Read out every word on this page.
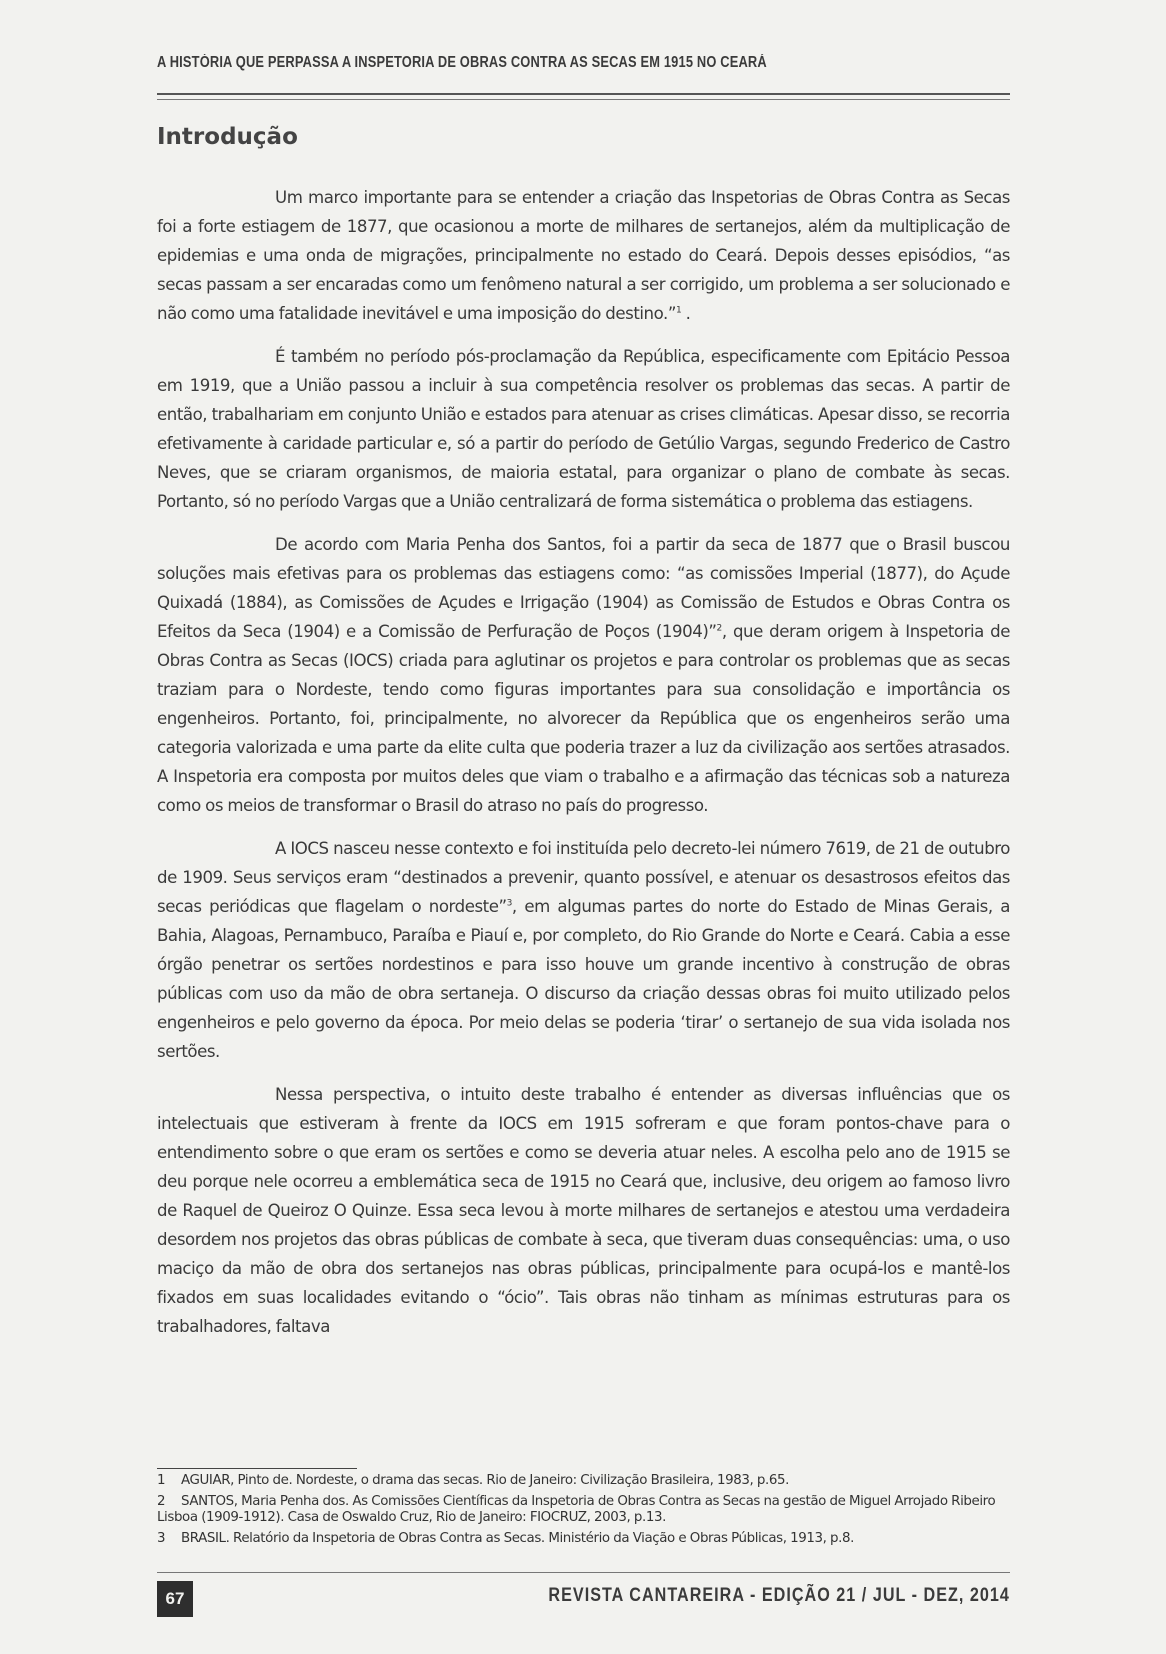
A HISTÓRIA QUE PERPASSA A INSPETORIA DE OBRAS CONTRA AS SECAS EM 1915 NO CEARÁ
Introdução

Um marco importante para se entender a criação das Inspetorias de Obras Contra as Secas foi a forte estiagem de 1877, que ocasionou a morte de milhares de sertanejos, além da multiplicação de epidemias e uma onda de migrações, principalmente no estado do Ceará. Depois desses episódios, “as secas passam a ser encaradas como um fenômeno natural a ser corrigido, um problema a ser solucionado e não como uma fatalidade inevitável e uma imposição do destino.”$^1$ .

É também no período pós-proclamação da República, especificamente com Epitácio Pessoa em 1919, que a União passou a incluir à sua competência resolver os problemas das secas. A partir de então, trabalhariam em conjunto União e estados para atenuar as crises climáticas. Apesar disso, se recorria efetivamente à caridade particular e, só a partir do período de Getúlio Vargas, segundo Frederico de Castro Neves, que se criaram organismos, de maioria estatal, para organizar o plano de combate às secas. Portanto, só no período Vargas que a União centralizará de forma sistemática o problema das estiagens.

De acordo com Maria Penha dos Santos, foi a partir da seca de 1877 que o Brasil buscou soluções mais efetivas para os problemas das estiagens como: “as comissões Imperial (1877), do Açude Quixadá (1884), as Comissões de Açudes e Irrigação (1904) as Comissão de Estudos e Obras Contra os Efeitos da Seca (1904) e a Comissão de Perfuração de Poços (1904)”$^2$, que deram origem à Inspetoria de Obras Contra as Secas (IOCS) criada para aglutinar os projetos e para controlar os problemas que as secas traziam para o Nordeste, tendo como figuras importantes para sua consolidação e importância os engenheiros. Portanto, foi, principalmente, no alvorecer da República que os engenheiros serão uma categoria valorizada e uma parte da elite culta que poderia trazer a luz da civilização aos sertões atrasados. A Inspetoria era composta por muitos deles que viam o trabalho e a afirmação das técnicas sob a natureza como os meios de transformar o Brasil do atraso no país do progresso.

A IOCS nasceu nesse contexto e foi instituída pelo decreto-lei número 7619, de 21 de outubro de 1909. Seus serviços eram “destinados a prevenir, quanto possível, e atenuar os desastrosos efeitos das secas periódicas que flagelam o nordeste”$^3$, em algumas partes do norte do Estado de Minas Gerais, a Bahia, Alagoas, Pernambuco, Paraíba e Piauí e, por completo, do Rio Grande do Norte e Ceará. Cabia a esse órgão penetrar os sertões nordestinos e para isso houve um grande incentivo à construção de obras públicas com uso da mão de obra sertaneja. O discurso da criação dessas obras foi muito utilizado pelos engenheiros e pelo governo da época. Por meio delas se poderia ‘tirar’ o sertanejo de sua vida isolada nos sertões.

Nessa perspectiva, o intuito deste trabalho é entender as diversas influências que os intelectuais que estiveram à frente da IOCS em 1915 sofreram e que foram pontos-chave para o entendimento sobre o que eram os sertões e como se deveria atuar neles. A escolha pelo ano de 1915 se deu porque nele ocorreu a emblemática seca de 1915 no Ceará que, inclusive, deu origem ao famoso livro de Raquel de Queiroz O Quinze. Essa seca levou à morte milhares de sertanejos e atestou uma verdadeira desordem nos projetos das obras públicas de combate à seca, que tiveram duas consequências: uma, o uso maciço da mão de obra dos sertanejos nas obras públicas, principalmente para ocupá-los e mantê-los fixados em suas localidades evitando o “ócio”. Tais obras não tinham as mínimas estruturas para os trabalhadores, faltava

1 AGUIAR, Pinto de. Nordeste, o drama das secas. Rio de Janeiro: Civilização Brasileira, 1983, p.65.
2 SANTOS, Maria Penha dos. As Comissões Científicas da Inspetoria de Obras Contra as Secas na gestão de Miguel Arrojado Ribeiro Lisboa (1909-1912). Casa de Oswaldo Cruz, Rio de Janeiro: FIOCRUZ, 2003, p.13.
3 BRASIL. Relatório da Inspetoria de Obras Contra as Secas. Ministério da Viação e Obras Públicas, 1913, p.8.
67	REVISTA CANTAREIRA - EDIÇÃO 21 / JUL - DEZ, 2014
